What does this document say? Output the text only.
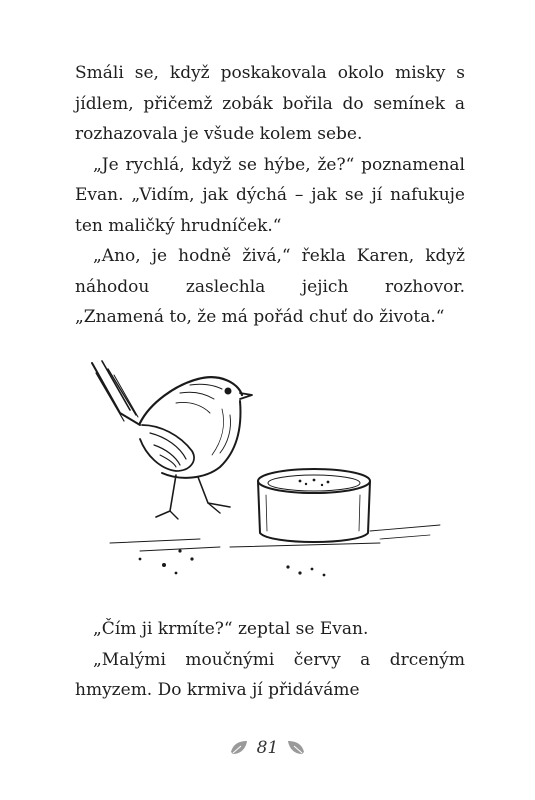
Smáli se, když poskakovala okolo misky s jídlem, přičemž zobák bořila do semínek a rozhazovala je všude kolem sebe.

„Je rychlá, když se hýbe, že?“ poznamenal Evan. „Vidím, jak dýchá – jak se jí nafukuje ten maličký hrudníček.“

„Ano, je hodně živá,“ řekla Karen, když náhodou zaslechla jejich rozhovor. „Znamená to, že má pořád chuť do života.“

„Čím ji krmíte?“ zeptal se Evan.

„Malými moučnými červy a drceným hmyzem. Do krmiva jí přidáváme

81
